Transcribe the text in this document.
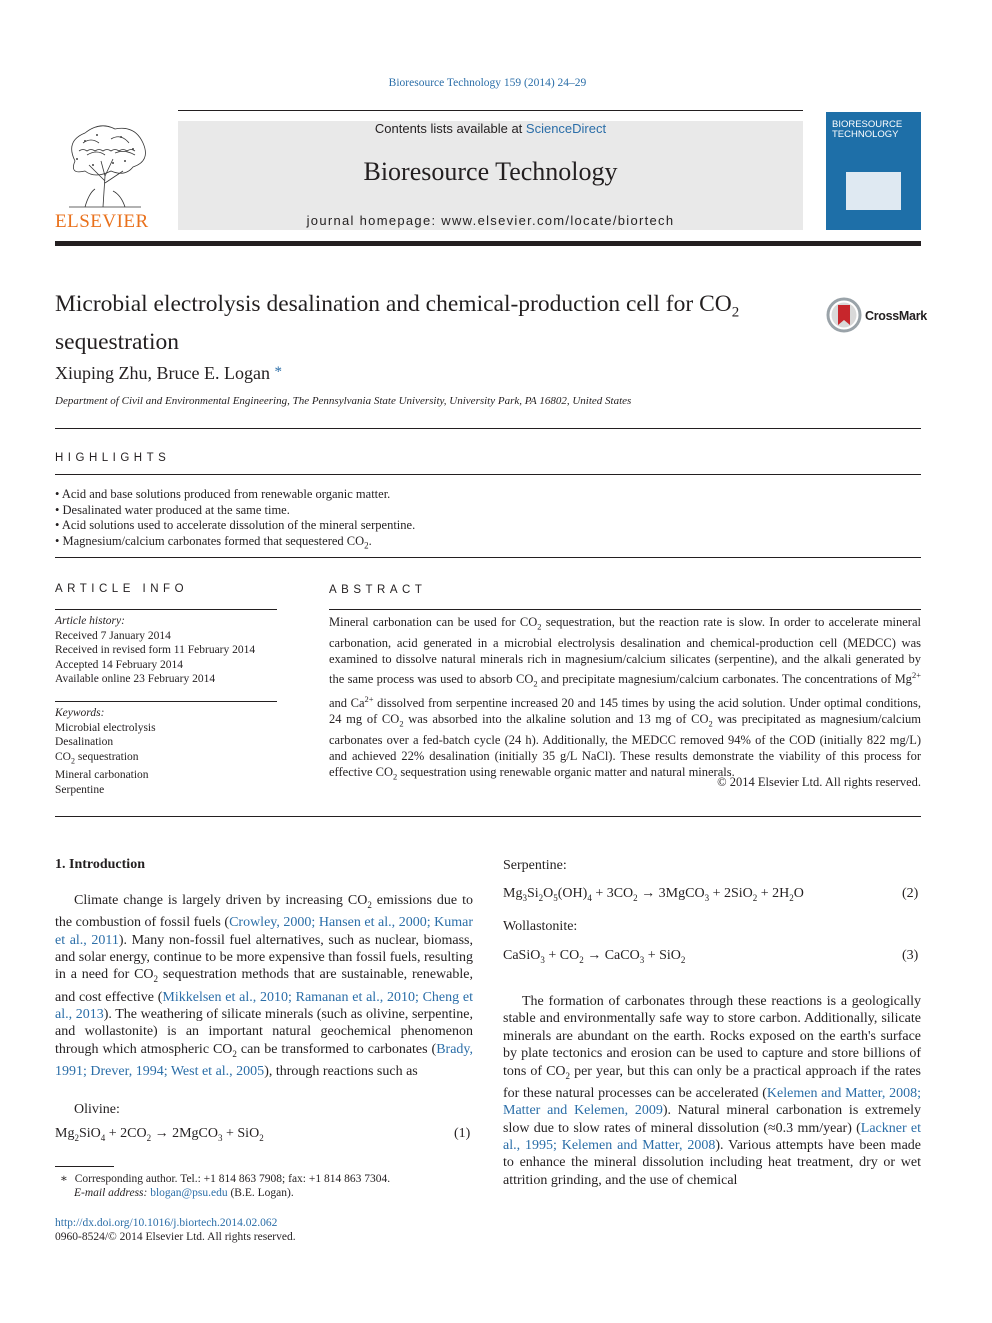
Bioresource Technology 159 (2014) 24–29
ELSEVIER
Contents lists available at ScienceDirect
Bioresource Technology
journal homepage: www.elsevier.com/locate/biortech
BIORESOURCE TECHNOLOGY
Microbial electrolysis desalination and chemical-production cell for $CO_2$
sequestration
CrossMark
Xiuping Zhu, Bruce E. Logan *
Department of Civil and Environmental Engineering, The Pennsylvania State University, University Park, PA 16802, United States
HIGHLIGHTS
• Acid and base solutions produced from renewable organic matter.
• Desalinated water produced at the same time.
• Acid solutions used to accelerate dissolution of the mineral serpentine.
• Magnesium/calcium carbonates formed that sequestered $CO_2$.
ARTICLE INFO
Article history:
Received 7 January 2014
Received in revised form 11 February 2014
Accepted 14 February 2014
Available online 23 February 2014
Keywords:
Microbial electrolysis
Desalination
$CO_2$ sequestration
Mineral carbonation
Serpentine
ABSTRACT
Mineral carbonation can be used for $CO_2$ sequestration, but the reaction rate is slow. In order to accelerate mineral carbonation, acid generated in a microbial electrolysis desalination and chemical-production cell (MEDCC) was examined to dissolve natural minerals rich in magnesium/calcium silicates (serpentine), and the alkali generated by the same process was used to absorb $CO_2$ and precipitate magnesium/calcium carbonates. The concentrations of $Mg^{2+}$ and $Ca^{2+}$ dissolved from serpentine increased 20 and 145 times by using the acid solution. Under optimal conditions, 24 mg of $CO_2$ was absorbed into the alkaline solution and 13 mg of $CO_2$ was precipitated as magnesium/calcium carbonates over a fed-batch cycle (24 h). Additionally, the MEDCC removed 94% of the COD (initially 822 mg/L) and achieved 22% desalination (initially 35 g/L NaCl). These results demonstrate the viability of this process for effective $CO_2$ sequestration using renewable organic matter and natural minerals.
© 2014 Elsevier Ltd. All rights reserved.
1. Introduction
Climate change is largely driven by increasing $CO_2$ emissions due to the combustion of fossil fuels (Crowley, 2000; Hansen et al., 2000; Kumar et al., 2011). Many non-fossil fuel alternatives, such as nuclear, biomass, and solar energy, continue to be more expensive than fossil fuels, resulting in a need for $CO_2$ sequestration methods that are sustainable, renewable, and cost effective (Mikkelsen et al., 2010; Ramanan et al., 2010; Cheng et al., 2013). The weathering of silicate minerals (such as olivine, serpentine, and wollastonite) is an important natural geochemical phenomenon through which atmospheric $CO_2$ can be transformed to carbonates (Brady, 1991; Drever, 1994; West et al., 2005), through reactions such as
Olivine:
$Mg_2SiO_4 + 2CO_2$ → 2MgCO$_3$ + SiO$_2$	(1)
∗ Corresponding author. Tel.: +1 814 863 7908; fax: +1 814 863 7304.
E-mail address: blogan@psu.edu (B.E. Logan).
http://dx.doi.org/10.1016/j.biortech.2014.02.062
0960-8524/© 2014 Elsevier Ltd. All rights reserved.
Serpentine:
$Mg_3Si_2O_5(OH)_4 + 3CO_2$ → 3MgCO$_3$ + $2SiO_2 + 2H_2O$	(2)
Wollastonite:
CaSiO$_3$ + $CO_2$ → CaCO$_3$ + SiO$_2$	(3)
The formation of carbonates through these reactions is a geologically stable and environmentally safe way to store carbon. Additionally, silicate minerals are abundant on the earth. Rocks exposed on the earth's surface by plate tectonics and erosion can be used to capture and store billions of tons of $CO_2$ per year, but this can only be a practical approach if the rates for these natural processes can be accelerated (Kelemen and Matter, 2008; Matter and Kelemen, 2009). Natural mineral carbonation is extremely slow due to slow rates of mineral dissolution (≈0.3 mm/year) (Lackner et al., 1995; Kelemen and Matter, 2008). Various attempts have been made to enhance the mineral dissolution including heat treatment, dry or wet attrition grinding, and the use of chemical
